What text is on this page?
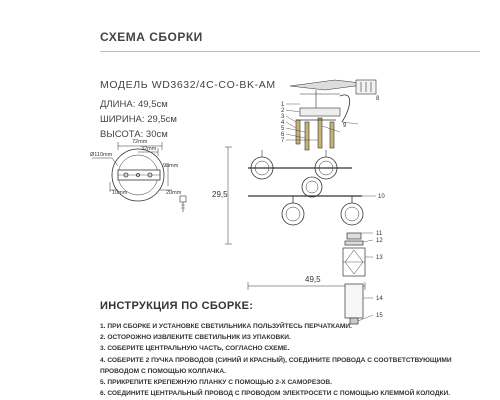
СХЕМА СБОРКИ
МОДЕЛЬ WD3632/4C-CO-BK-AM
ДЛИНА: 49,5см
ШИРИНА: 29,5см
ВЫСОТА: 30см
72mm
32mm
Ø110mm
98mm
10mm	20mm	29,5
49,5
1
2
3
4
5
6
7
8
9
10
11
12
13
14
15
ИНСТРУКЦИЯ ПО СБОРКЕ:
1. ПРИ СБОРКЕ И УСТАНОВКЕ СВЕТИЛЬНИКА ПОЛЬЗУЙТЕСЬ ПЕРЧАТКАМИ.
2. ОСТОРОЖНО ИЗВЛЕКИТЕ СВЕТИЛЬНИК ИЗ УПАКОВКИ.
3. СОБЕРИТЕ ЦЕНТРАЛЬНУЮ ЧАСТЬ, СОГЛАСНО СХЕМЕ.
4. СОБЕРИТЕ 2 ПУЧКА ПРОВОДОВ (СИНИЙ И КРАСНЫЙ), СОЕДИНИТЕ ПРОВОДА С СООТВЕТСТВУЮЩИМИ
ПРОВОДОМ С ПОМОЩЬЮ КОЛПАЧКА.
5. ПРИКРЕПИТЕ КРЕПЕЖНУЮ ПЛАНКУ С ПОМОЩЬЮ 2-Х САМОРЕЗОВ.
6. СОЕДИНИТЕ ЦЕНТРАЛЬНЫЙ ПРОВОД С ПРОВОДОМ ЭЛЕКТРОСЕТИ С ПОМОЩЬЮ КЛЕММОЙ КОЛОДКИ.
